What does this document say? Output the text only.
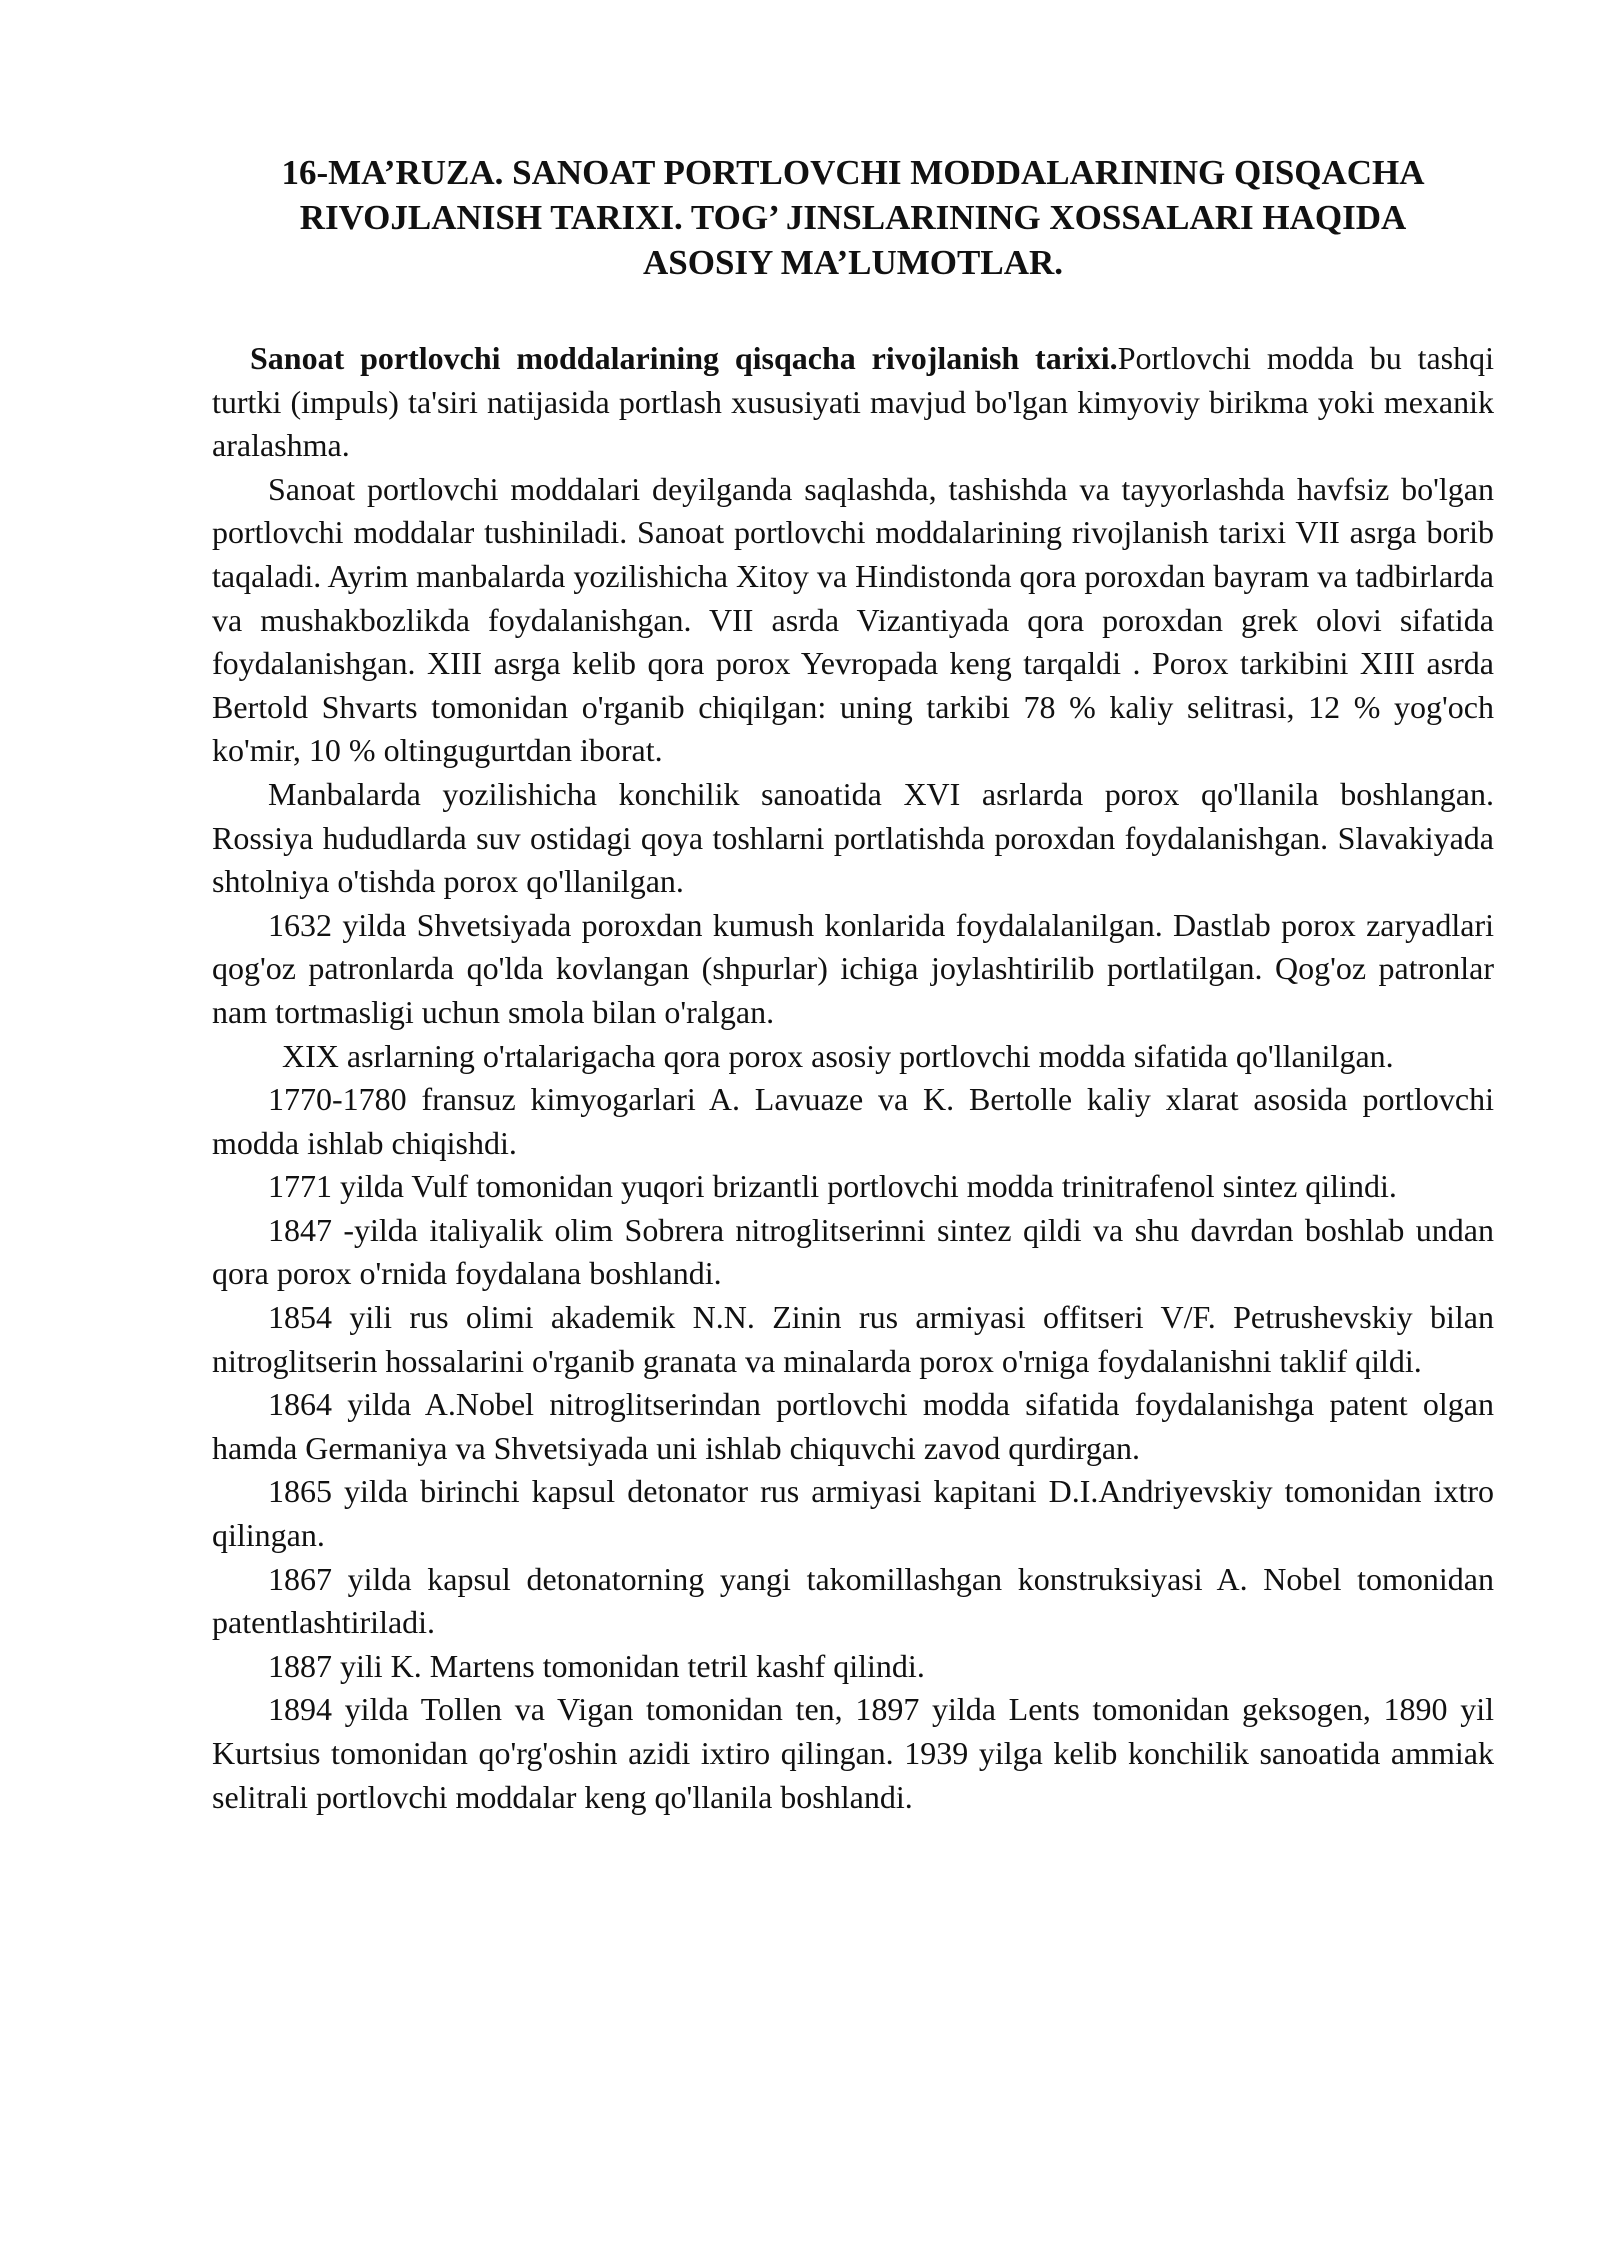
16-MA’RUZA. SANOAT PORTLOVCHI MODDALARINING QISQACHA
RIVOJLANISH TARIXI. TOG’ JINSLARINING XOSSALARI HAQIDA
ASOSIY MA’LUMOTLAR.

Sanoat portlovchi moddalarining qisqacha rivojlanish tarixi.Portlovchi modda bu tashqi turtki (impuls) ta'siri natijasida portlash xususiyati mavjud bo'lgan kimyoviy birikma yoki mexanik aralashma.

Sanoat portlovchi moddalari deyilganda saqlashda, tashishda va tayyorlashda havfsiz bo'lgan portlovchi moddalar tushiniladi. Sanoat portlovchi moddalarining rivojlanish tarixi VII asrga borib taqaladi. Ayrim manbalarda yozilishicha Xitoy va Hindistonda qora poroxdan bayram va tadbirlarda va mushakbozlikda foydalanishgan. VII asrda Vizantiyada qora poroxdan grek olovi sifatida foydalanishgan. XIII asrga kelib qora porox Yevropada keng tarqaldi . Porox tarkibini XIII asrda Bertold Shvarts tomonidan o'rganib chiqilgan: uning tarkibi 78 % kaliy selitrasi, 12 % yog'och ko'mir, 10 % oltingugurtdan iborat.

Manbalarda yozilishicha konchilik sanoatida XVI asrlarda porox qo'llanila boshlangan. Rossiya hududlarda suv ostidagi qoya toshlarni portlatishda poroxdan foydalanishgan. Slavakiyada shtolniya o'tishda porox qo'llanilgan.

1632 yilda Shvetsiyada poroxdan kumush konlarida foydalalanilgan. Dastlab porox zaryadlari qog'oz patronlarda qo'lda kovlangan (shpurlar) ichiga joylashtirilib portlatilgan. Qog'oz patronlar nam tortmasligi uchun smola bilan o'ralgan.

XIX asrlarning o'rtalarigacha qora porox asosiy portlovchi modda sifatida qo'llanilgan.

1770-1780 fransuz kimyogarlari A. Lavuaze va K. Bertolle kaliy xlarat asosida portlovchi modda ishlab chiqishdi.

1771 yilda Vulf tomonidan yuqori brizantli portlovchi modda trinitrafenol sintez qilindi.

1847 -yilda italiyalik olim Sobrera nitroglitserinni sintez qildi va shu davrdan boshlab undan qora porox o'rnida foydalana boshlandi.

1854 yili rus olimi akademik N.N. Zinin rus armiyasi offitseri V/F. Petrushevskiy bilan nitroglitserin hossalarini o'rganib granata va minalarda porox o'rniga foydalanishni taklif qildi.

1864 yilda A.Nobel nitroglitserindan portlovchi modda sifatida foydalanishga patent olgan hamda Germaniya va Shvetsiyada uni ishlab chiquvchi zavod qurdirgan.

1865 yilda birinchi kapsul detonator rus armiyasi kapitani D.I.Andriyevskiy tomonidan ixtro qilingan.

1867 yilda kapsul detonatorning yangi takomillashgan konstruksiyasi A. Nobel tomonidan patentlashtiriladi.

1887 yili K. Martens tomonidan tetril kashf qilindi.

1894 yilda Tollen va Vigan tomonidan ten, 1897 yilda Lents tomonidan geksogen, 1890 yil Kurtsius tomonidan qo'rg'oshin azidi ixtiro qilingan. 1939 yilga kelib konchilik sanoatida ammiak selitrali portlovchi moddalar keng qo'llanila boshlandi.
